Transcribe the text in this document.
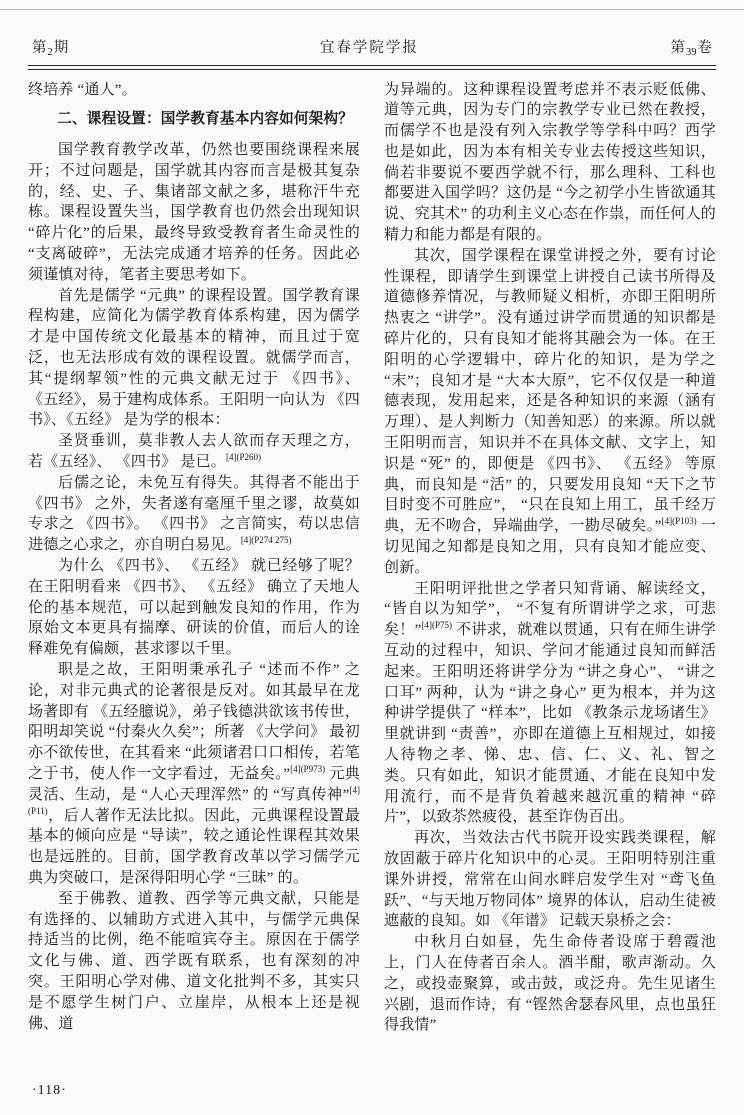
第$_2$期	宜春学院学报	第$_{39}$卷

终培养 “通人”。

二、课程设置：国学教育基本内容如何架构？

国学教育教学改革，仍然也要围绕课程来展开；不过问题是，国学就其内容而言是极其复杂的，经、史、子、集诸部文献之多，堪称汗牛充栋。课程设置失当，国学教育也仍然会出现知识“碎片化”的后果，最终导致受教育者生命灵性的“支离破碎”，无法完成通才培养的任务。因此必须谨慎对待，笔者主要思考如下。

首先是儒学 “元典” 的课程设置。国学教育课程构建，应简化为儒学教育体系构建，因为儒学才是中国传统文化最基本的精神，而且过于宽泛，也无法形成有效的课程设置。就儒学而言，其“提纲挈领”性的元典文献无过于 《四书》、 《五经》，易于建构成体系。王阳明一向认为 《四书》、《五经》 是为学的根本：

圣贤垂训，莫非教人去人欲而存天理之方，若《五经》、 《四书》 是已。$^{[4](P260)}$

后儒之论，未免互有得失。其得者不能出于《四书》 之外，失者遂有毫厘千里之谬，故莫如专求之 《四书》。 《四书》 之言简实，苟以忠信进德之心求之，亦自明白易见。$^{[4](P274 275)}$

为什么 《四书》、 《五经》 就已经够了呢？在王阳明看来 《四书》、 《五经》 确立了天地人伦的基本规范，可以起到触发良知的作用，作为原始文本更具有揣摩、研读的价值，而后人的诠释难免有偏颇，甚求谬以千里。

职是之故，王阳明秉承孔子 “述而不作” 之论，对非元典式的论著很是反对。如其最早在龙场著即有 《五经臆说》，弟子钱德洪欲该书传世，阳明却笑说 “付秦火久矣”；所著 《大学问》 最初亦不欲传世，在其看来 “此须诸君口口相传，若笔之于书，使人作一文字看过，无益矣。”$^{[4](P973)}$ 元典灵活、生动，是 “人心天理浑然” 的 “写真传神”$^{[4](P11)}$，后人著作无法比拟。因此，元典课程设置最基本的倾向应是 “导读”，较之通论性课程其效果也是远胜的。目前，国学教育改革以学习儒学元典为突破口，是深得阳明心学 “三昧” 的。

至于佛教、道教、西学等元典文献，只能是有选择的、以辅助方式进入其中，与儒学元典保持适当的比例，绝不能喧宾夺主。原因在于儒学文化与佛、道、西学既有联系，也有深刻的冲突。王阳明心学对佛、道文化批判不多，其实只是不愿学生树门户、立崖岸，从根本上还是视佛、道

为异端的。这种课程设置考虑并不表示贬低佛、道等元典，因为专门的宗教学专业已然在教授，而儒学不也是没有列入宗教学等学科中吗？西学也是如此，因为本有相关专业去传授这些知识，倘若非要说不要西学就不行，那么理科、工科也都要进入国学吗？这仍是 “今之初学小生皆欲通其说、究其术” 的功利主义心态在作祟，而任何人的精力和能力都是有限的。

其次，国学课程在课堂讲授之外，要有讨论性课程，即请学生到课堂上讲授自己读书所得及道德修养情况，与教师疑义相析，亦即王阳明所热衷之 “讲学”。没有通过讲学而贯通的知识都是碎片化的，只有良知才能将其融会为一体。在王阳明的心学逻辑中，碎片化的知识，是为学之 “末”；良知才是 “大本大原”，它不仅仅是一种道德表现，发用起来，还是各种知识的来源（涵有万理）、是人判断力（知善知恶）的来源。所以就王阳明而言，知识并不在具体文献、文字上，知识是 “死” 的，即便是 《四书》、 《五经》 等原典，而良知是 “活” 的，只要发用良知 “天下之节目时变不可胜应”， “只在良知上用工，虽千经万典，无不吻合，异端曲学，一勘尽破矣。”$^{[4](P103)}$ 一切见闻之知都是良知之用，只有良知才能应变、创新。

王阳明评批世之学者只知背诵、解读经文，“皆自以为知学”， “不复有所谓讲学之求，可悲矣！”$^{[4](P75)}$ 不讲求，就难以贯通，只有在师生讲学互动的过程中，知识、学问才能通过良知而鲜活起来。王阳明还将讲学分为 “讲之身心”、 “讲之口耳” 两种，认为 “讲之身心” 更为根本，并为这种讲学提供了 “样本”，比如 《教条示龙场诸生》 里就讲到 “责善”，亦即在道德上互相规过，如接人待物之孝、悌、忠、信、仁、义、礼、智之类。只有如此，知识才能贯通、才能在良知中发用流行，而不是背负着越来越沉重的精神 “碎片”，以致苶然疲役，甚至诈伪百出。

再次，当效法古代书院开设实践类课程，解放固蔽于碎片化知识中的心灵。王阳明特别注重课外讲授，常常在山间水畔启发学生对 “鸢飞鱼跃”、“与天地万物同体” 境界的体认，启动生徒被遮蔽的良知。如 《年谱》 记载天泉桥之会：

中秋月白如昼，先生命侍者设席于碧霞池上，门人在侍者百余人。酒半酣，歌声渐动。久之，或投壶聚算，或击鼓，或泛舟。先生见诸生兴剧，退而作诗，有 “铿然舍瑟春风里，点也虽狂得我情”

·118·
